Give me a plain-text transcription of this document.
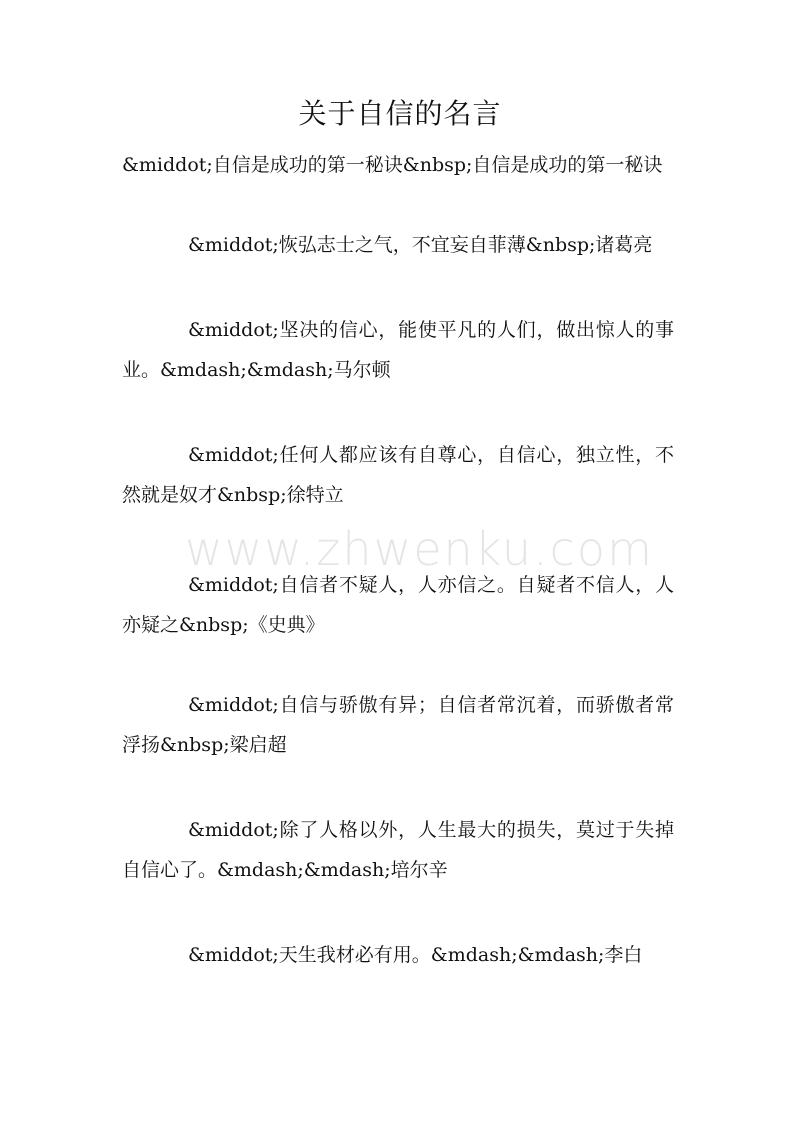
关于自信的名言
&middot;自信是成功的第一秘诀&nbsp;自信是成功的第一秘诀
&middot;恢弘志士之气，不宜妄自菲薄&nbsp;诸葛亮
&middot;坚决的信心，能使平凡的人们，做出惊人的事业。&mdash;&mdash;马尔顿
&middot;任何人都应该有自尊心，自信心，独立性，不然就是奴才&nbsp;徐特立
&middot;自信者不疑人，人亦信之。自疑者不信人，人亦疑之&nbsp;《史典》
&middot;自信与骄傲有异；自信者常沉着，而骄傲者常浮扬&nbsp;梁启超
&middot;除了人格以外，人生最大的损失，莫过于失掉自信心了。&mdash;&mdash;培尔辛
&middot;天生我材必有用。&mdash;&mdash;李白
www.zhwenku.com
